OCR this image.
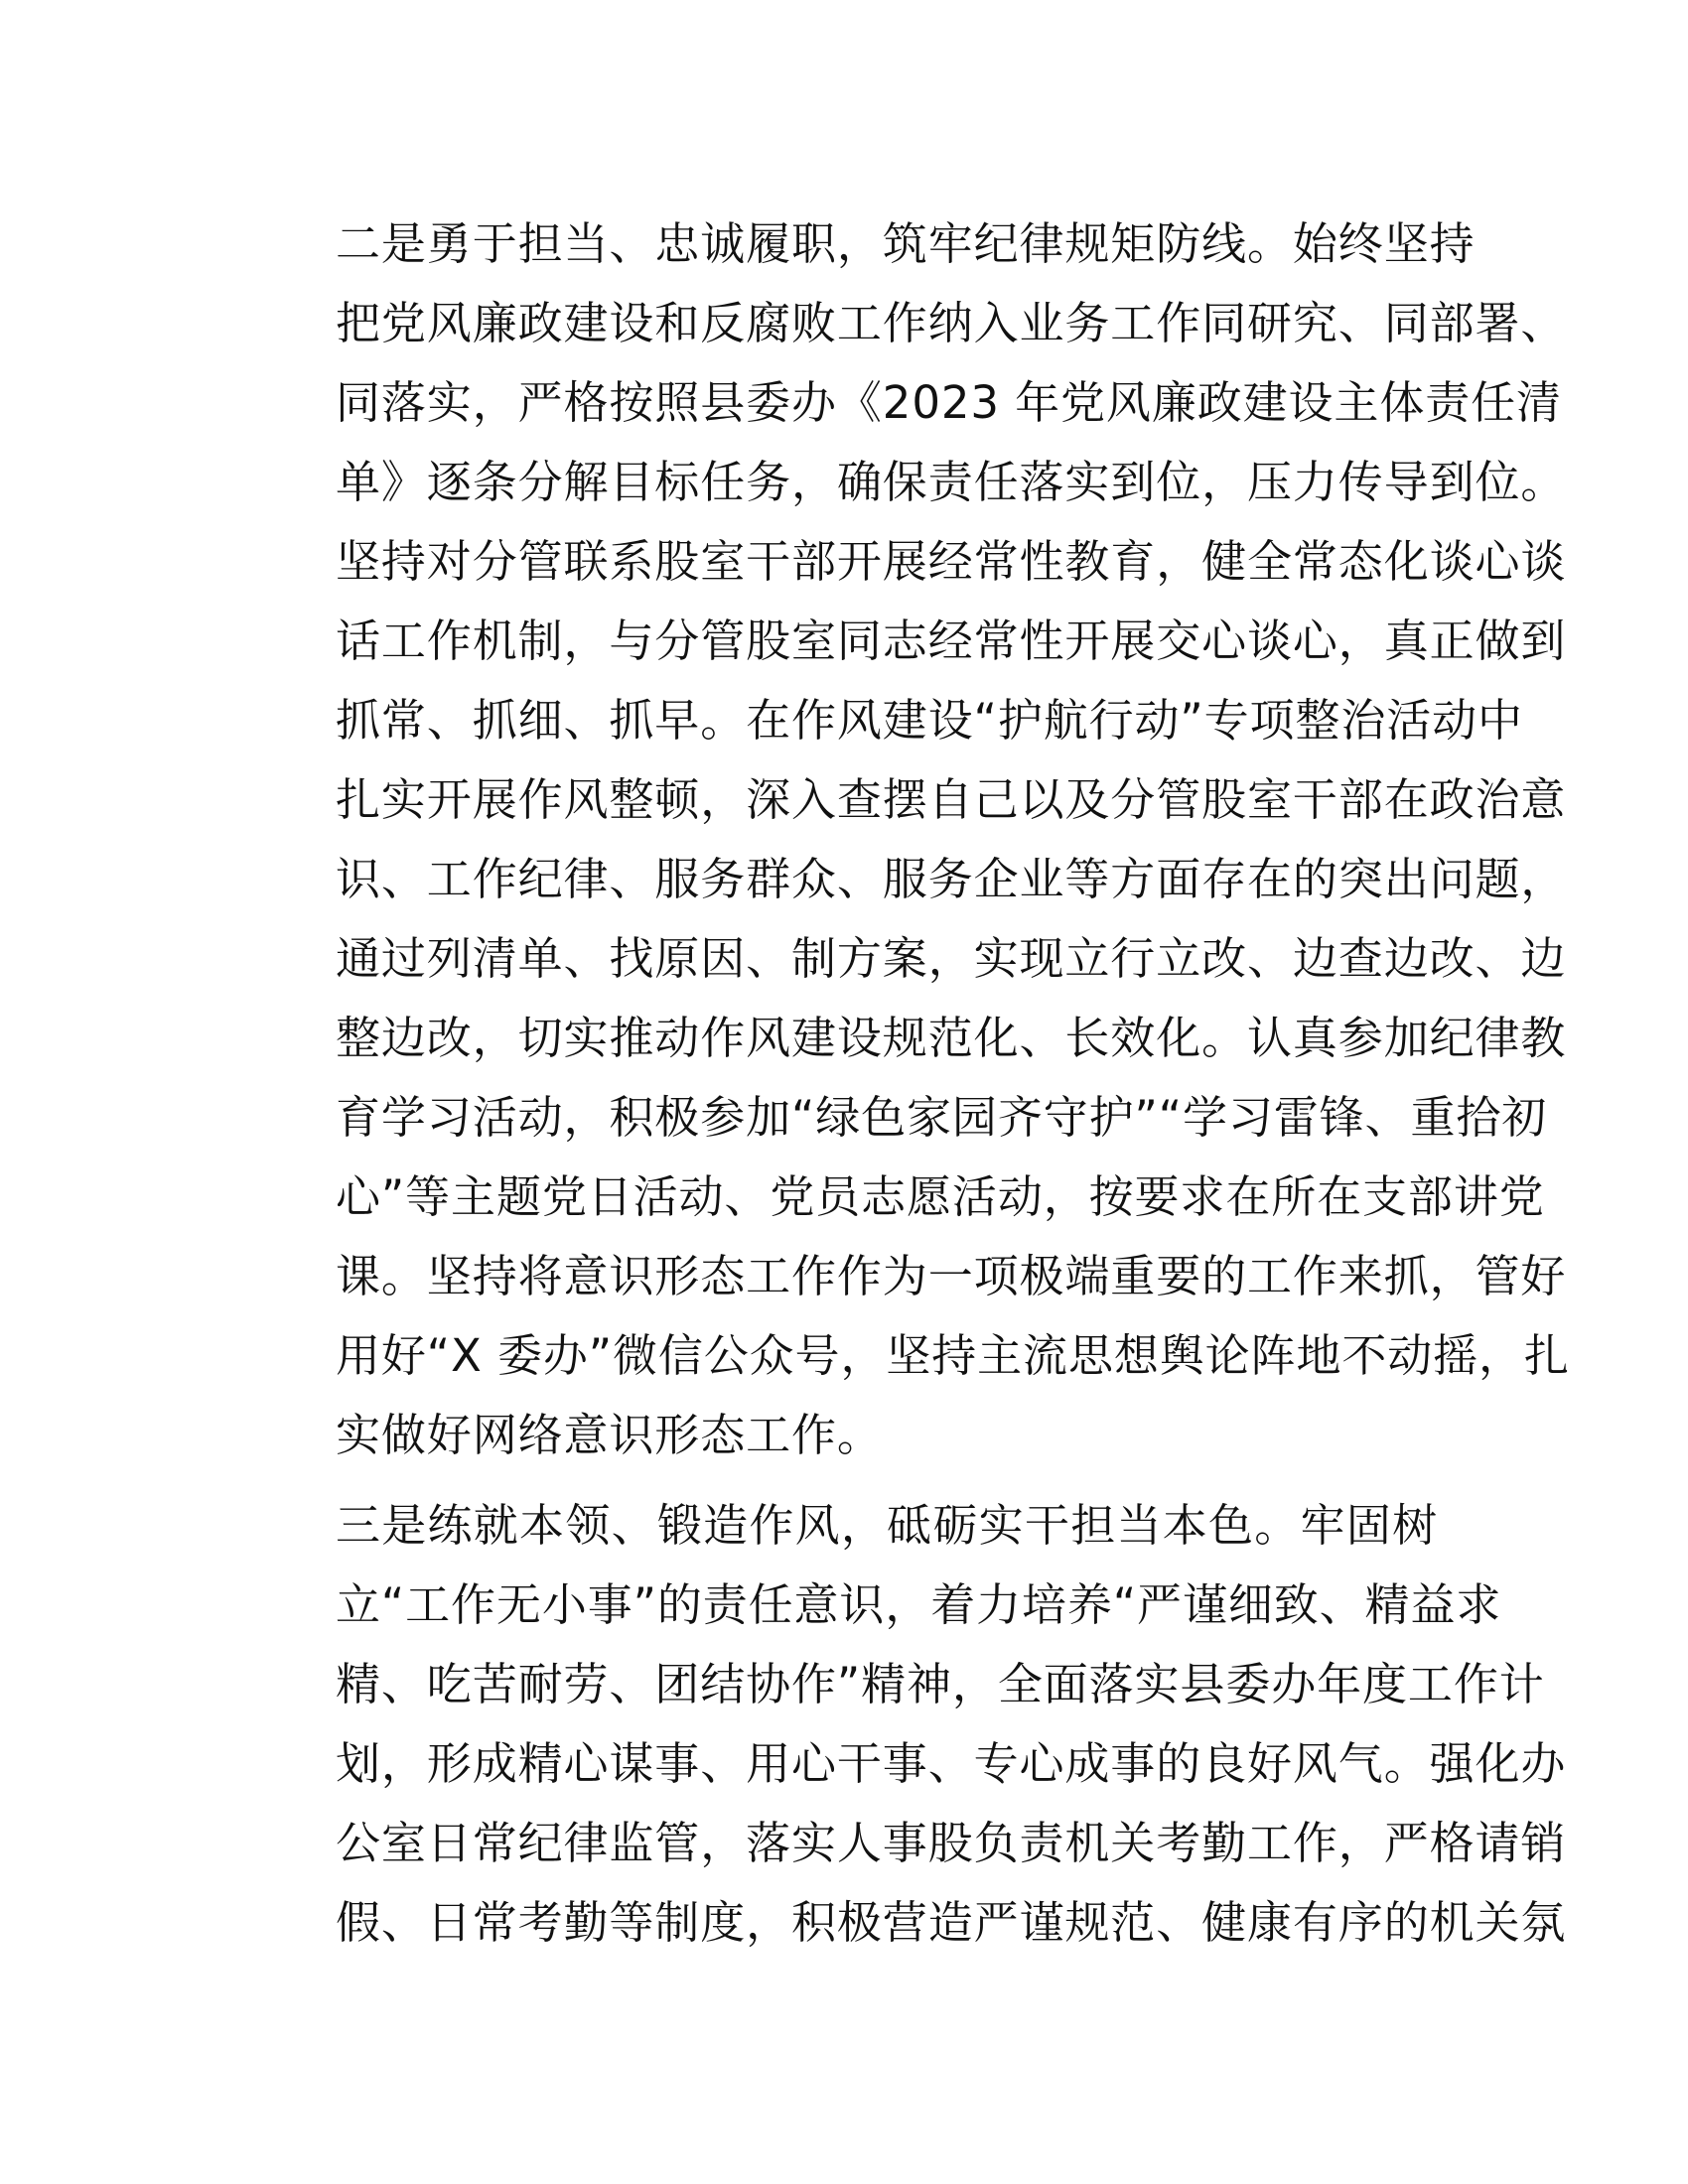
二是勇于担当、忠诚履职，筑牢纪律规矩防线。始终坚持
把党风廉政建设和反腐败工作纳入业务工作同研究、同部署、
同落实，严格按照县委办《2023 年党风廉政建设主体责任清
单》逐条分解目标任务，确保责任落实到位，压力传导到位。
坚持对分管联系股室干部开展经常性教育，健全常态化谈心谈
话工作机制，与分管股室同志经常性开展交心谈心，真正做到
抓常、抓细、抓早。在作风建设“护航行动”专项整治活动中
扎实开展作风整顿，深入查摆自己以及分管股室干部在政治意
识、工作纪律、服务群众、服务企业等方面存在的突出问题，
通过列清单、找原因、制方案，实现立行立改、边查边改、边
整边改，切实推动作风建设规范化、长效化。认真参加纪律教
育学习活动，积极参加“绿色家园齐守护”“学习雷锋、重拾初
心”等主题党日活动、党员志愿活动，按要求在所在支部讲党
课。坚持将意识形态工作作为一项极端重要的工作来抓，管好
用好“X 委办”微信公众号，坚持主流思想舆论阵地不动摇，扎
实做好网络意识形态工作。

三是练就本领、锻造作风，砥砺实干担当本色。牢固树
立“工作无小事”的责任意识，着力培养“严谨细致、精益求
精、吃苦耐劳、团结协作”精神，全面落实县委办年度工作计
划，形成精心谋事、用心干事、专心成事的良好风气。强化办
公室日常纪律监管，落实人事股负责机关考勤工作，严格请销
假、日常考勤等制度，积极营造严谨规范、健康有序的机关氛
